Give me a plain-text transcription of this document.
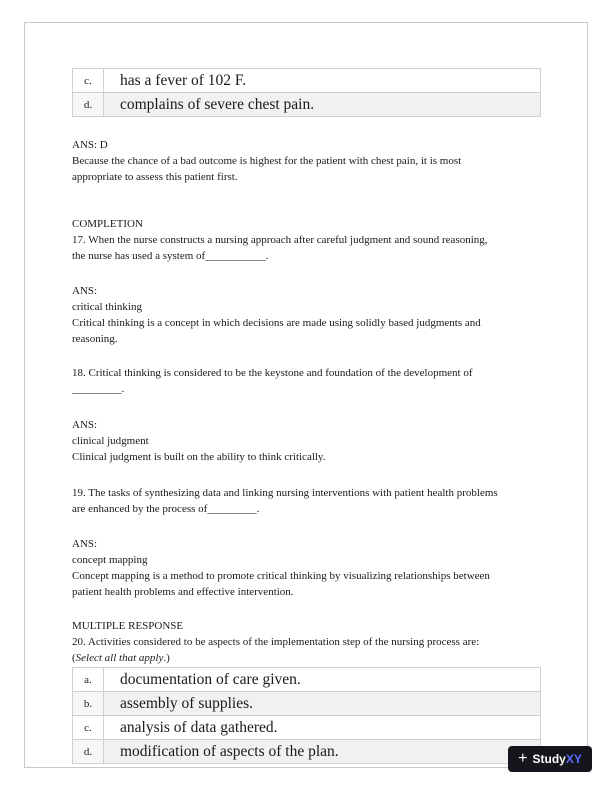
c.	has a fever of 102 F.
d.	complains of severe chest pain.
ANS: D
Because the chance of a bad outcome is highest for the patient with chest pain, it is most
appropriate to assess this patient first.
COMPLETION
17. When the nurse constructs a nursing approach after careful judgment and sound reasoning,
the nurse has used a system of___________.
ANS:
critical thinking
Critical thinking is a concept in which decisions are made using solidly based judgments and
reasoning.
18. Critical thinking is considered to be the keystone and foundation of the development of
_________.
ANS:
clinical judgment
Clinical judgment is built on the ability to think critically.
19. The tasks of synthesizing data and linking nursing interventions with patient health problems
are enhanced by the process of_________.
ANS:
concept mapping
Concept mapping is a method to promote critical thinking by visualizing relationships between
patient health problems and effective intervention.
MULTIPLE RESPONSE
20. Activities considered to be aspects of the implementation step of the nursing process are:
(Select all that apply.)
a.	documentation of care given.
b.	assembly of supplies.
c.	analysis of data gathered.
d.	modification of aspects of the plan.	+ Study XY
